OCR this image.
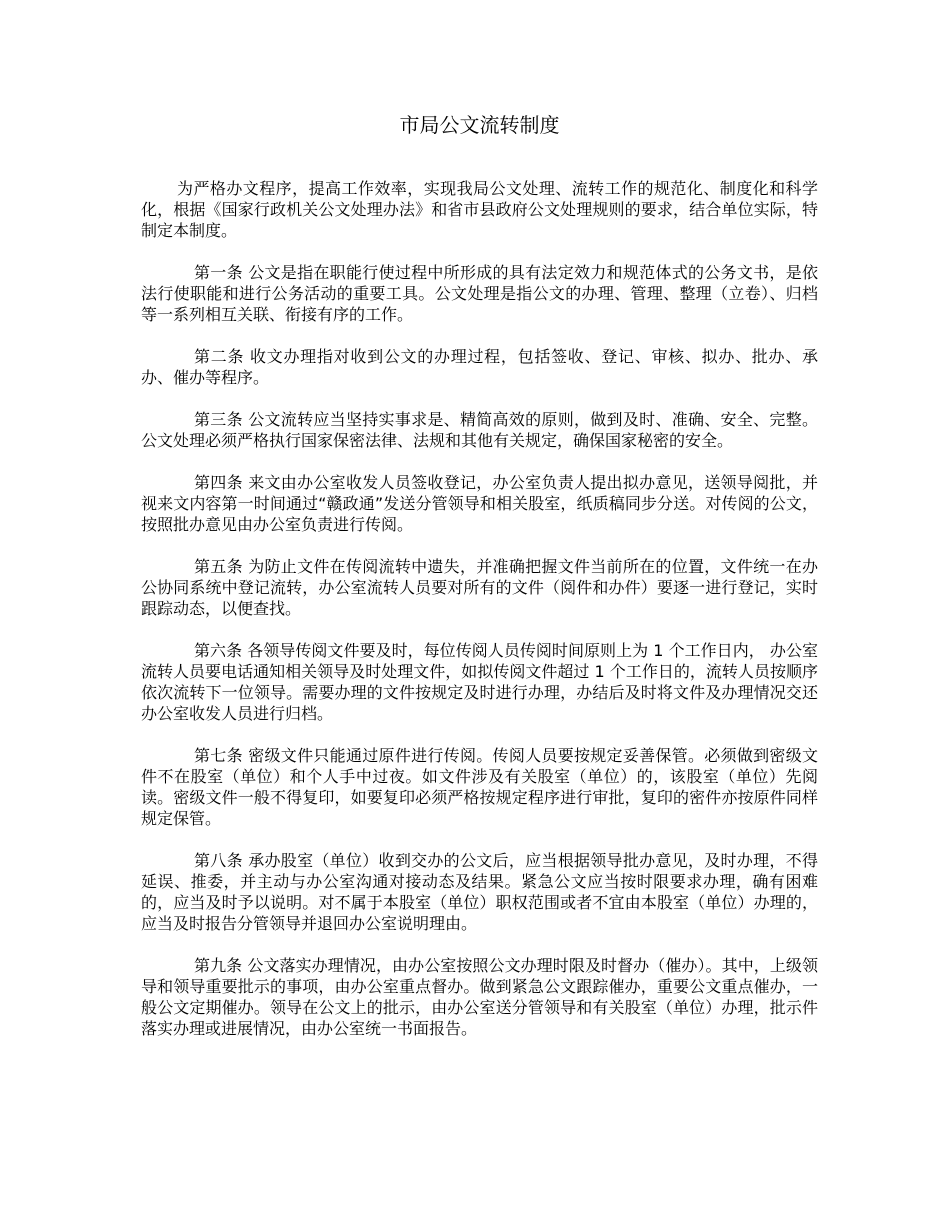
市局公文流转制度

为严格办文程序，提高工作效率，实现我局公文处理、流转工作的规范化、制度化和科学化，根据《国家行政机关公文处理办法》和省市县政府公文处理规则的要求，结合单位实际，特制定本制度。

第一条 公文是指在职能行使过程中所形成的具有法定效力和规范体式的公务文书，是依法行使职能和进行公务活动的重要工具。公文处理是指公文的办理、管理、整理（立卷）、归档等一系列相互关联、衔接有序的工作。

第二条 收文办理指对收到公文的办理过程，包括签收、登记、审核、拟办、批办、承办、催办等程序。

第三条 公文流转应当坚持实事求是、精简高效的原则，做到及时、准确、安全、完整。公文处理必须严格执行国家保密法律、法规和其他有关规定，确保国家秘密的安全。

第四条 来文由办公室收发人员签收登记，办公室负责人提出拟办意见，送领导阅批，并视来文内容第一时间通过“赣政通”发送分管领导和相关股室，纸质稿同步分送。对传阅的公文，按照批办意见由办公室负责进行传阅。

第五条 为防止文件在传阅流转中遗失，并准确把握文件当前所在的位置，文件统一在办公协同系统中登记流转，办公室流转人员要对所有的文件（阅件和办件）要逐一进行登记，实时跟踪动态，以便查找。

第六条 各领导传阅文件要及时，每位传阅人员传阅时间原则上为 1 个工作日内， 办公室流转人员要电话通知相关领导及时处理文件，如拟传阅文件超过 1 个工作日的，流转人员按顺序依次流转下一位领导。需要办理的文件按规定及时进行办理，办结后及时将文件及办理情况交还办公室收发人员进行归档。

第七条 密级文件只能通过原件进行传阅。传阅人员要按规定妥善保管。必须做到密级文件不在股室（单位）和个人手中过夜。如文件涉及有关股室（单位）的，该股室（单位）先阅读。密级文件一般不得复印，如要复印必须严格按规定程序进行审批，复印的密件亦按原件同样规定保管。

第八条 承办股室（单位）收到交办的公文后，应当根据领导批办意见，及时办理，不得延误、推委，并主动与办公室沟通对接动态及结果。紧急公文应当按时限要求办理，确有困难的，应当及时予以说明。对不属于本股室（单位）职权范围或者不宜由本股室（单位）办理的，应当及时报告分管领导并退回办公室说明理由。

第九条 公文落实办理情况，由办公室按照公文办理时限及时督办（催办）。其中，上级领导和领导重要批示的事项，由办公室重点督办。做到紧急公文跟踪催办，重要公文重点催办，一般公文定期催办。领导在公文上的批示，由办公室送分管领导和有关股室（单位）办理，批示件落实办理或进展情况，由办公室统一书面报告。
